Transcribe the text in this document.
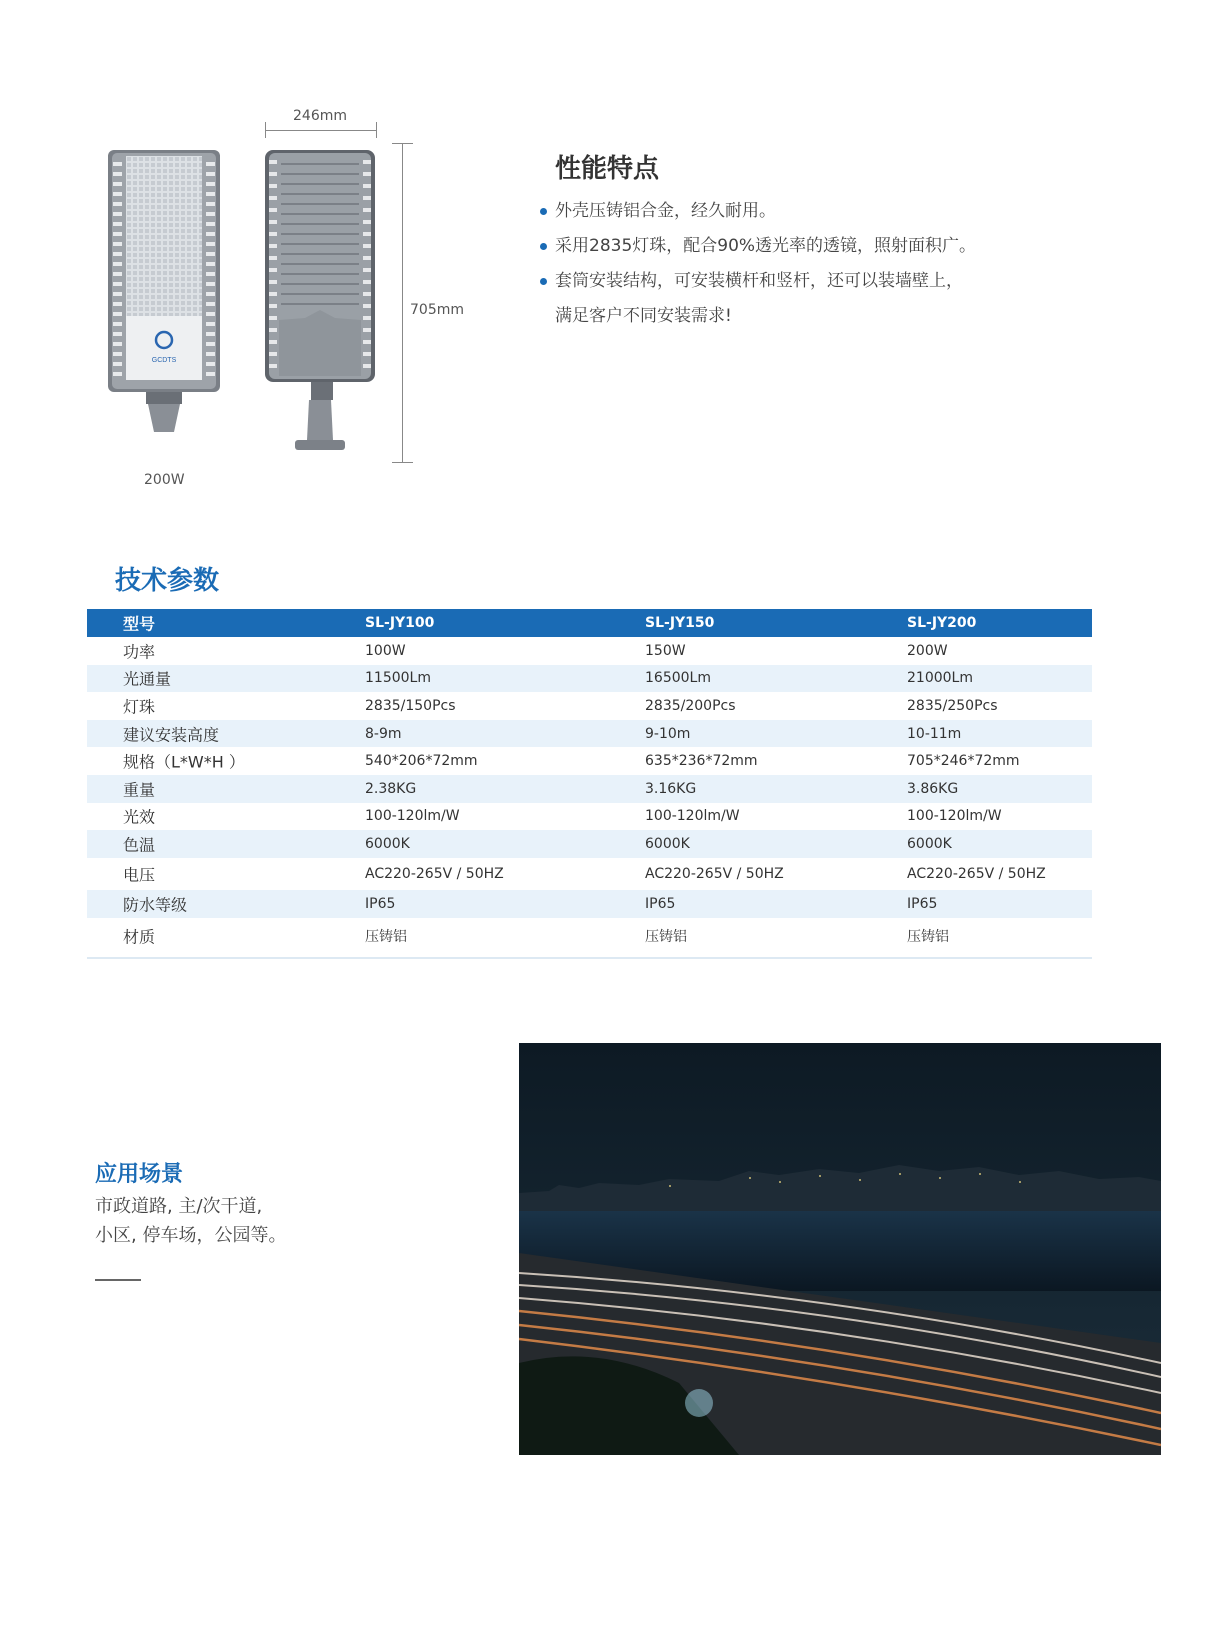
GCDTS
200W
246mm
705mm
性能特点
外壳压铸铝合金，经久耐用。
采用2835灯珠，配合90%透光率的透镜，照射面积广。
套筒安装结构，可安装横杆和竖杆，还可以装墙壁上，
满足客户不同安装需求!
技术参数
型号	SL-JY100	SL-JY150	SL-JY200
功率	100W	150W	200W
光通量	11500Lm	16500Lm	21000Lm
灯珠	2835/150Pcs	2835/200Pcs	2835/250Pcs
建议安装高度	8-9m	9-10m	10-11m
规格（L*W*H ）	540*206*72mm	635*236*72mm	705*246*72mm
重量	2.38KG	3.16KG	3.86KG
光效	100-120lm/W	100-120lm/W	100-120lm/W
色温	6000K	6000K	6000K
电压	AC220-265V / 50HZ	AC220-265V / 50HZ	AC220-265V / 50HZ
防水等级	IP65	IP65	IP65
材质	压铸铝	压铸铝	压铸铝
应用场景
市政道路, 主/次干道,
小区, 停车场，公园等。
